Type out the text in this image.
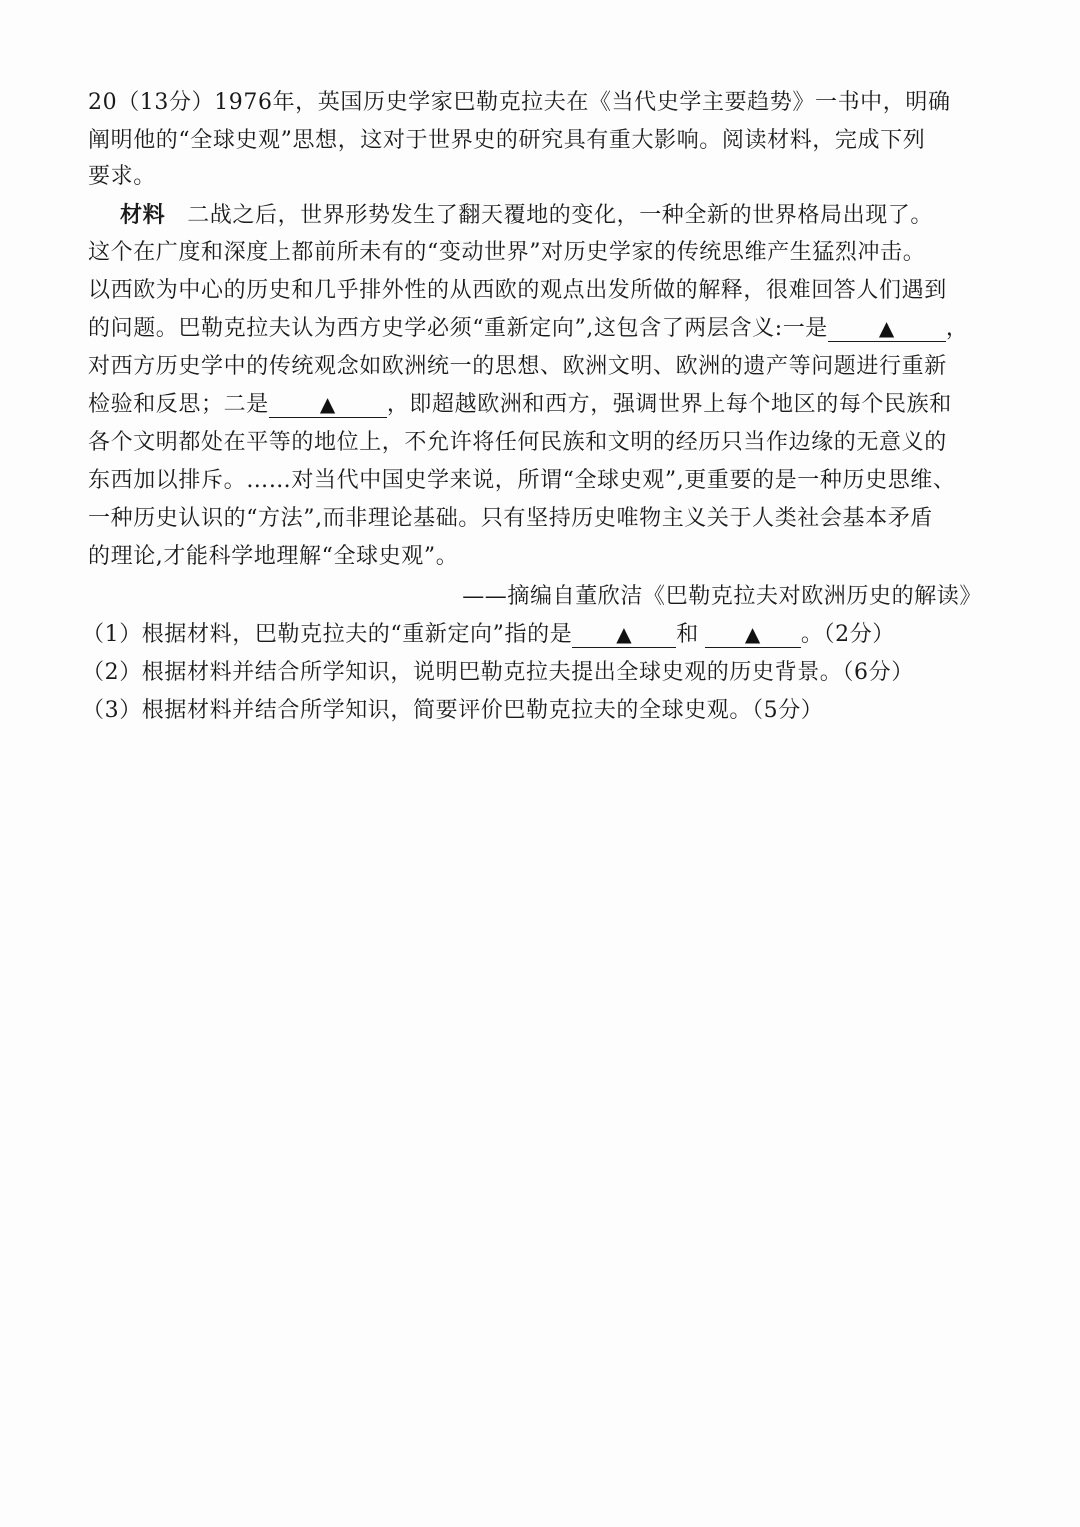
20（13分）1976年，英国历史学家巴勒克拉夫在《当代史学主要趋势》一书中，明确
阐明他的“全球史观”思想，这对于世界史的研究具有重大影响。阅读材料，完成下列
要求。
材料 二战之后，世界形势发生了翻天覆地的变化，一种全新的世界格局出现了。
这个在广度和深度上都前所未有的“变动世界”对历史学家的传统思维产生猛烈冲击。
以西欧为中心的历史和几乎排外性的从西欧的观点出发所做的解释，很难回答人们遇到
的问题。巴勒克拉夫认为西方史学必须“重新定向”,这包含了两层含义:一是	▲ ，
对西方历史学中的传统观念如欧洲统一的思想、欧洲文明、欧洲的遗产等问题进行重新
检验和反思；二是	▲ ，即超越欧洲和西方，强调世界上每个地区的每个民族和
各个文明都处在平等的地位上，不允许将任何民族和文明的经历只当作边缘的无意义的
东西加以排斥。……对当代中国史学来说，所谓“全球史观”,更重要的是一种历史思维、
一种历史认识的“方法”,而非理论基础。只有坚持历史唯物主义关于人类社会基本矛盾
的理论,才能科学地理解“全球史观”。
——摘编自董欣洁《巴勒克拉夫对欧洲历史的解读》
（1）根据材料，巴勒克拉夫的“重新定向”指的是 ▲ 和 ▲ 。（2分）
（2）根据材料并结合所学知识，说明巴勒克拉夫提出全球史观的历史背景。（6分）
（3）根据材料并结合所学知识，简要评价巴勒克拉夫的全球史观。（5分）
